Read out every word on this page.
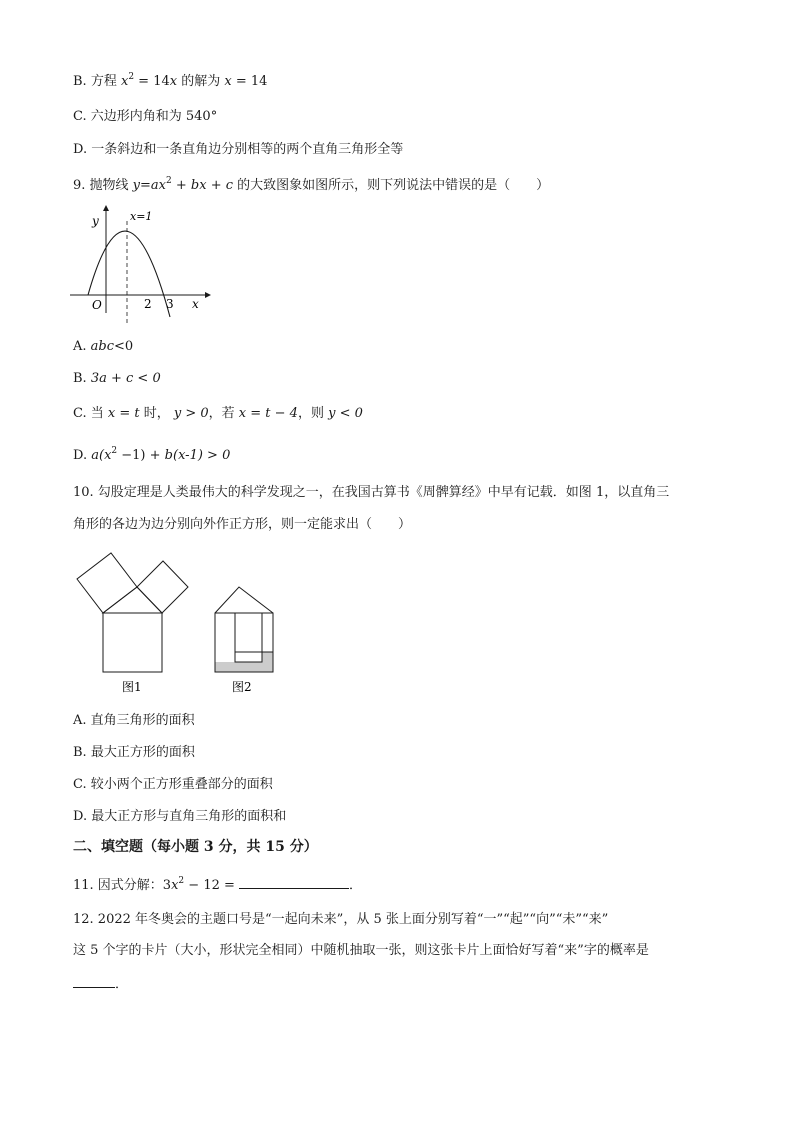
B. 方程 $x^2 = 14x$ 的解为 x = 14
C. 六边形内角和为 540°
D. 一条斜边和一条直角边分别相等的两个直角三角形全等
9. 抛物线 $y=ax^2$ + bx + c 的大致图象如图所示，则下列说法中错误的是（　　）
y	x=1
O	2 3 x
A. abc<0
B. 3a + c < 0
C. 当 x = t 时， y > 0，若 x = t − 4，则 y < 0
D. $a(x^2 -1) + b(x-1) > 0$
10. 勾股定理是人类最伟大的科学发现之一，在我国古算书《周髀算经》中早有记载．如图 1，以直角三
角形的各边为边分别向外作正方形，则一定能求出（　　）
图1	图2
A. 直角三角形的面积
B. 最大正方形的面积
C. 较小两个正方形重叠部分的面积
D. 最大正方形与直角三角形的面积和
二、填空题（每小题 3 分，共 15 分）
11. 因式分解：$3x^2 - 12$ =	．
12. 2022 年冬奥会的主题口号是“一起向未来”，从 5 张上面分别写着“一”“起”“向”“未”“来”
这 5 个字的卡片（大小，形状完全相同）中随机抽取一张，则这张卡片上面恰好写着“来”字的概率是
．
